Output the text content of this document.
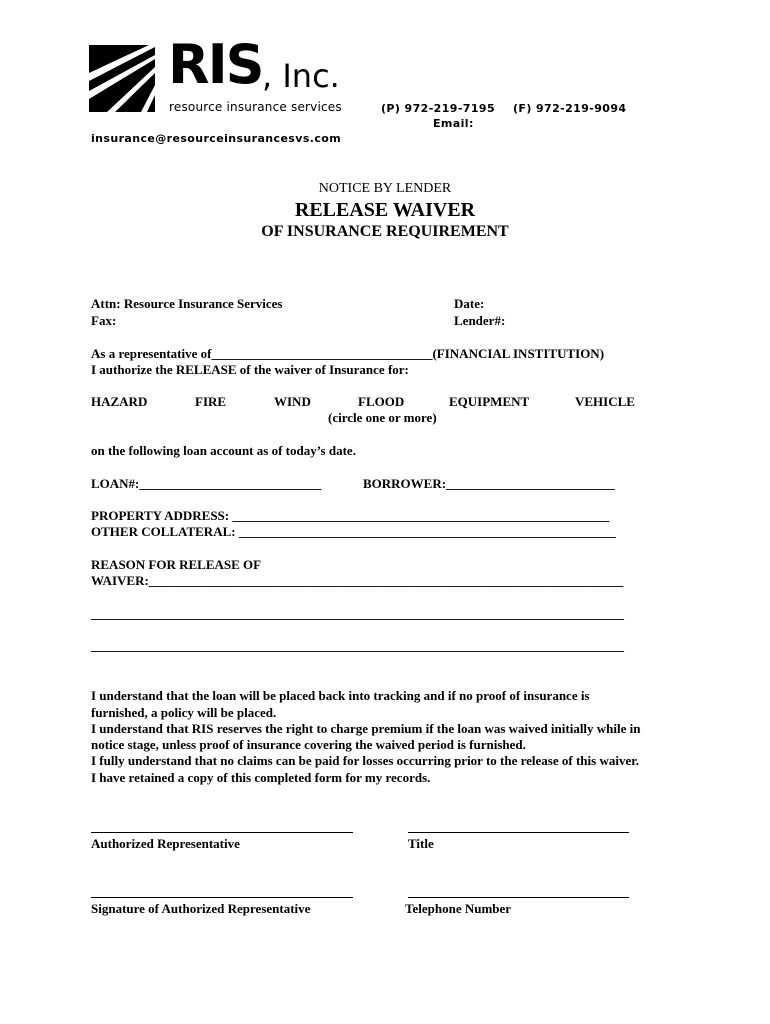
RIS , Inc.
resource insurance services	(P) 972-219-7195 (F) 972-219-9094
Email:
insurance@resourceinsurancesvs.com
NOTICE BY LENDER
RELEASE WAIVER
OF INSURANCE REQUIREMENT
Attn: Resource Insurance Services
Fax:
Date:
Lender#:
As a representative of__________________________________(FINANCIAL INSTITUTION)
I authorize the RELEASE of the waiver of Insurance for:
HAZARD	FIRE	WIND	FLOOD	EQUIPMENT	VEHICLE
(circle one or more)
on the following loan account as of today’s date.
LOAN#:____________________________	BORROWER:__________________________
PROPERTY ADDRESS: __________________________________________________________
OTHER COLLATERAL: __________________________________________________________
REASON FOR RELEASE OF
WAIVER:_________________________________________________________________________
__________________________________________________________________________________
__________________________________________________________________________________
I understand that the loan will be placed back into tracking and if no proof of insurance is
furnished, a policy will be placed.
I understand that RIS reserves the right to charge premium if the loan was waived initially while in
notice stage, unless proof of insurance covering the waived period is furnished.
I fully understand that no claims can be paid for losses occurring prior to the release of this waiver.
I have retained a copy of this completed form for my records.
Authorized Representative	Title
Signature of Authorized Representative	Telephone Number
